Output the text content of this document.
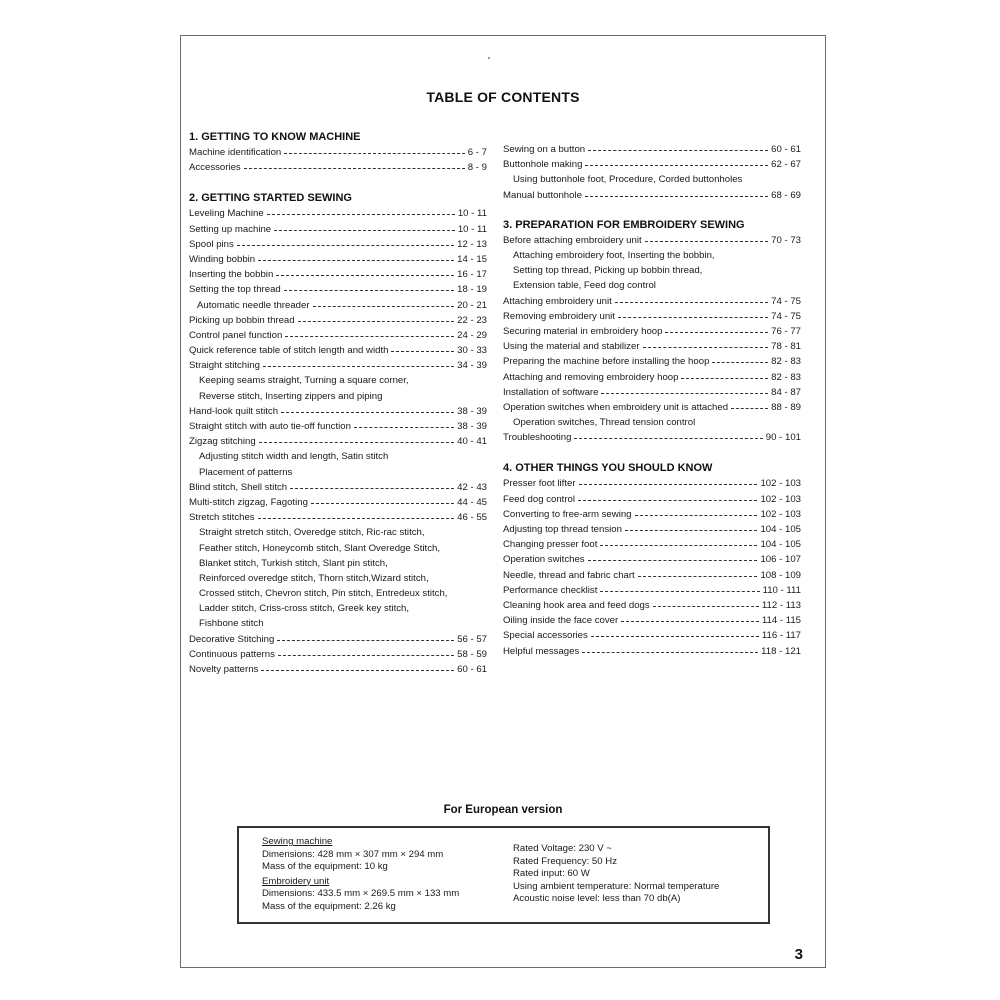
TABLE OF CONTENTS
1. GETTING TO KNOW MACHINE
Machine identification	6 - 7
Accessories	8 - 9
2. GETTING STARTED SEWING
Leveling Machine	10 - 11
Setting up machine	10 - 11
Spool pins	12 - 13
Winding bobbin	14 - 15
Inserting the bobbin	16 - 17
Setting the top thread	18 - 19
Automatic needle threader	20 - 21
Picking up bobbin thread	22 - 23
Control panel function	24 - 29
Quick reference table of stitch length and width	30 - 33
Straight stitching	34 - 39
Keeping seams straight, Turning a square corner,
Reverse stitch, Inserting zippers and piping
Hand-look quilt stitch	38 - 39
Straight stitch with auto tie-off function	38 - 39
Zigzag stitching	40 - 41
Adjusting stitch width and length, Satin stitch
Placement of patterns
Blind stitch, Shell stitch	42 - 43
Multi-stitch zigzag, Fagoting	44 - 45
Stretch stitches	46 - 55
Straight stretch stitch, Overedge stitch, Ric-rac stitch,
Feather stitch, Honeycomb stitch, Slant Overedge Stitch,
Blanket stitch, Turkish stitch, Slant pin stitch,
Reinforced overedge stitch, Thorn stitch,Wizard stitch,
Crossed stitch, Chevron stitch, Pin stitch, Entredeux stitch,
Ladder stitch, Criss-cross stitch, Greek key stitch,
Fishbone stitch
Decorative Stitching	56 - 57
Continuous patterns	58 - 59
Novelty patterns	60 - 61
Sewing on a button	60 - 61
Buttonhole making	62 - 67
Using buttonhole foot, Procedure, Corded buttonholes
Manual buttonhole	68 - 69
3. PREPARATION FOR EMBROIDERY SEWING
Before attaching embroidery unit	70 - 73
Attaching embroidery foot, Inserting the bobbin,
Setting top thread, Picking up bobbin thread,
Extension table, Feed dog control
Attaching embroidery unit	74 - 75
Removing embroidery unit	74 - 75
Securing material in embroidery hoop	76 - 77
Using the material and stabilizer	78 - 81
Preparing the machine before installing the hoop	82 - 83
Attaching and removing embroidery hoop	82 - 83
Installation of software	84 - 87
Operation switches when embroidery unit is attached	88 - 89
Operation switches, Thread tension control
Troubleshooting	90 - 101
4. OTHER THINGS YOU SHOULD KNOW
Presser foot lifter	102 - 103
Feed dog control	102 - 103
Converting to free-arm sewing	102 - 103
Adjusting top thread tension	104 - 105
Changing presser foot	104 - 105
Operation switches	106 - 107
Needle, thread and fabric chart	108 - 109
Performance checklist	110 - 111
Cleaning hook area and feed dogs	112 - 113
Oiling inside the face cover	114 - 115
Special accessories	116 - 117
Helpful messages	118 - 121
For European version
Sewing machine
Dimensions: 428 mm × 307 mm × 294 mm
Mass of the equipment: 10 kg
Embroidery unit
Dimensions: 433.5 mm × 269.5 mm × 133 mm
Mass of the equipment: 2.26 kg
Rated Voltage: 230 V ~
Rated Frequency: 50 Hz
Rated input: 60 W
Using ambient temperature: Normal temperature
Acoustic noise level: less than 70 db(A)
3
